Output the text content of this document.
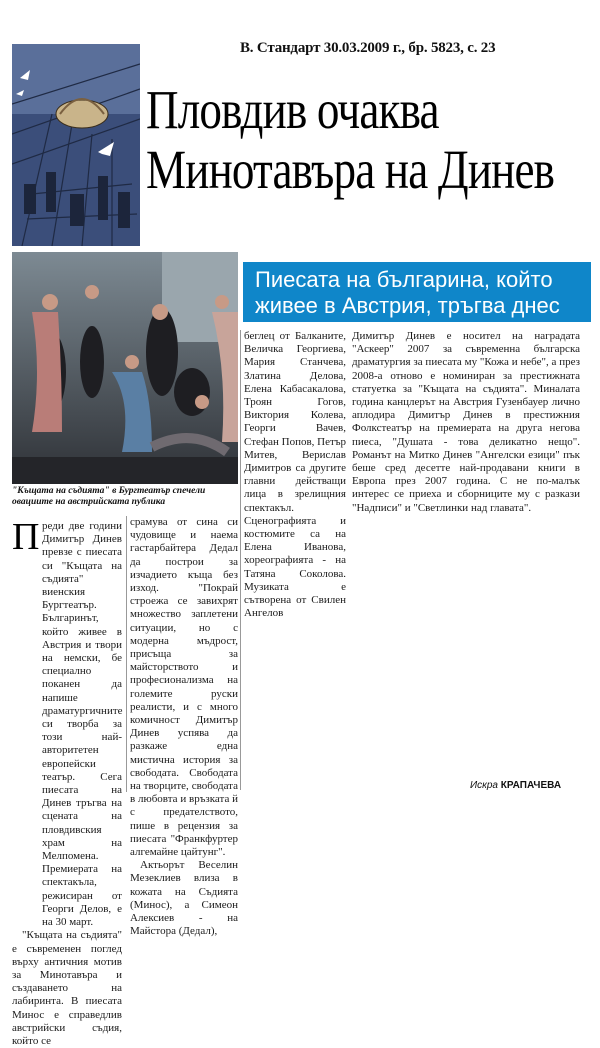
В. Стандарт 30.03.2009 г., бр. 5823, с. 23
Пловдив очаква
Минотавъра на Динев
"Къщата на съдията" в Бургтеатър спечели овациите на австрийската публика
Пиесата на българина, който
живее в Австрия, тръгва днес
П реди две години Димитър Динев превзе с пиесата си "Къщата на съдията" виенския Бургтеатър. Българинът, който живее в Австрия и твори на немски, бе специално поканен да напише драматургичните си творба за този най-авторитетен европейски театър. Сега пиесата на Динев тръгва на сцената на пловдивския храм на Мелпомена. Премиерата на спектакъла, режисиран от Георги Делов, е на 30 март.

"Къщата на съдията" е съвременен поглед върху античния мотив за Минотавъра и създаването на лабиринта. В пиесата Минос е справедлив австрийски съдия, който се

срамува от сина си чудовище и наема гастарбайтера Дедал да построи за изчадието къща без изход. "Покрай строежа се завихрят множество заплетени ситуации, но с модерна мъдрост, присъща за майсторството и професионализма на големите руски реалисти, и с много комичност Димитър Динев успява да разкаже една мистична история за свободата. Свободата на творците, свободата в любовта и връзката й с предателството, пише в рецензия за пиесата "Франкфуртер алгемайне цайтунг".

Актьорът Веселин Мезеклиев влиза в кожата на Съдията (Минос), а Симеон Алексиев - на Майстора (Дедал),

беглец от Балканите, Величка Георгиева, Мария Станчева, Златина Делова, Елена Кабасакалова, Троян Гогов, Виктория Колева, Георги Вачев, Стефан Попов, Петър Митев, Верислав Димитров са другите главни действащи лица в зрелищния спектакъл. Сценографията и костюмите са на Елена Иванова, хореографията - на Татяна Соколова. Музиката е сътворена от Свилен Ангелов

Димитър Динев е носител на наградата "Аскеер" 2007 за съвременна българска драматургия за пиесата му "Кожа и небе", а през 2008-а отново е номиниран за престижната статуетка за "Къщата на съдията". Миналата година канцлерът на Австрия Гузенбауер лично аплодира Димитър Динев в престижния Фолкстеатър на премиерата на друга негова пиеса, "Душата - това деликатно нещо". Романът на Митко Динев "Ангелски езици" пък беше сред десетте най-продавани книги в Европа през 2007 година. С не по-малък интерес се приеха и сборниците му с разкази "Надписи" и "Светлинки над главата".

Искра КРАПАЧЕВА
